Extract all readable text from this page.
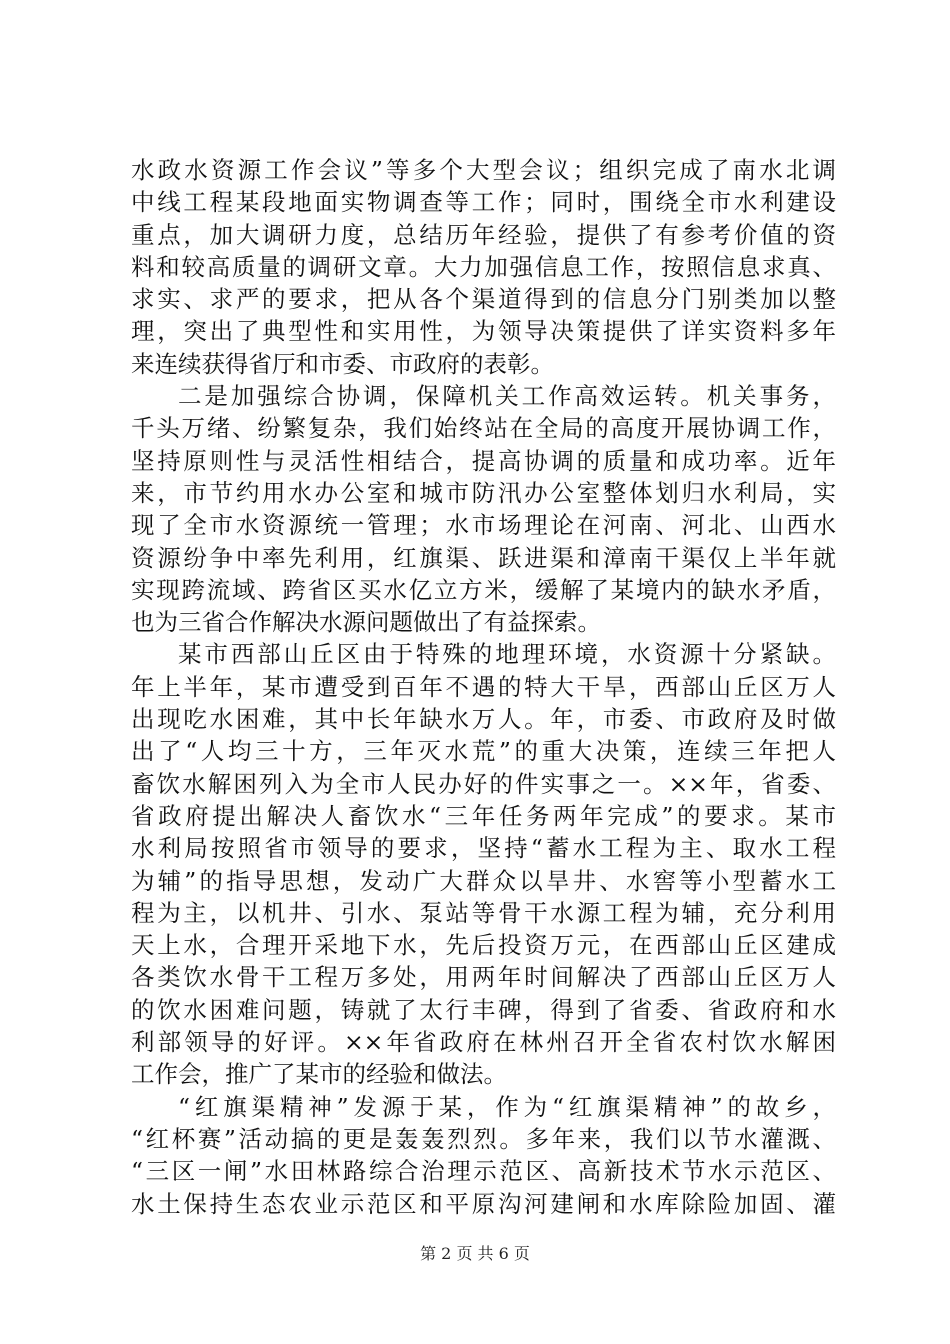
水政水资源工作会议”等多个大型会议；组织完成了南水北调
中线工程某段地面实物调查等工作；同时，围绕全市水利建设
重点，加大调研力度，总结历年经验，提供了有参考价值的资
料和较高质量的调研文章。大力加强信息工作，按照信息求真、
求实、求严的要求，把从各个渠道得到的信息分门别类加以整
理，突出了典型性和实用性，为领导决策提供了详实资料多年
来连续获得省厅和市委、市政府的表彰。
二是加强综合协调，保障机关工作高效运转。机关事务，
千头万绪、纷繁复杂，我们始终站在全局的高度开展协调工作，
坚持原则性与灵活性相结合，提高协调的质量和成功率。近年
来，市节约用水办公室和城市防汛办公室整体划归水利局，实
现了全市水资源统一管理；水市场理论在河南、河北、山西水
资源纷争中率先利用，红旗渠、跃进渠和漳南干渠仅上半年就
实现跨流域、跨省区买水亿立方米，缓解了某境内的缺水矛盾，
也为三省合作解决水源问题做出了有益探索。
某市西部山丘区由于特殊的地理环境，水资源十分紧缺。
年上半年，某市遭受到百年不遇的特大干旱，西部山丘区万人
出现吃水困难，其中长年缺水万人。年，市委、市政府及时做
出了“人均三十方，三年灭水荒”的重大决策，连续三年把人
畜饮水解困列入为全市人民办好的件实事之一。××年，省委、
省政府提出解决人畜饮水“三年任务两年完成”的要求。某市
水利局按照省市领导的要求，坚持“蓄水工程为主、取水工程
为辅”的指导思想，发动广大群众以旱井、水窖等小型蓄水工
程为主，以机井、引水、泵站等骨干水源工程为辅，充分利用
天上水，合理开采地下水，先后投资万元，在西部山丘区建成
各类饮水骨干工程万多处，用两年时间解决了西部山丘区万人
的饮水困难问题，铸就了太行丰碑，得到了省委、省政府和水
利部领导的好评。××年省政府在林州召开全省农村饮水解困
工作会，推广了某市的经验和做法。
“红旗渠精神”发源于某，作为“红旗渠精神”的故乡，
“红杯赛”活动搞的更是轰轰烈烈。多年来，我们以节水灌溉、
“三区一闸”水田林路综合治理示范区、高新技术节水示范区、
水土保持生态农业示范区和平原沟河建闸和水库除险加固、灌
第 2 页 共 6 页
